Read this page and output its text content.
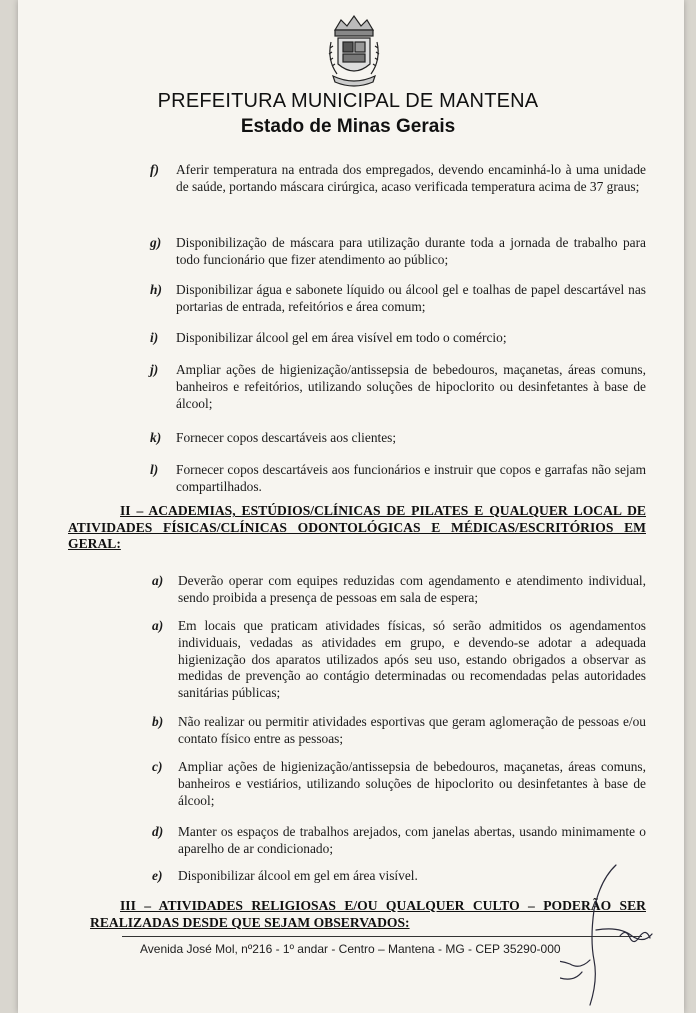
PREFEITURA MUNICIPAL DE MANTENA
Estado de Minas Gerais
f) Aferir temperatura na entrada dos empregados, devendo encaminhá-lo à uma unidade de saúde, portando máscara cirúrgica, acaso verificada temperatura acima de 37 graus;
g) Disponibilização de máscara para utilização durante toda a jornada de trabalho para todo funcionário que fizer atendimento ao público;
h) Disponibilizar água e sabonete líquido ou álcool gel e toalhas de papel descartável nas portarias de entrada, refeitórios e área comum;
i) Disponibilizar álcool gel em área visível em todo o comércio;
j) Ampliar ações de higienização/antissepsia de bebedouros, maçanetas, áreas comuns, banheiros e refeitórios, utilizando soluções de hipoclorito ou desinfetantes à base de álcool;
k) Fornecer copos descartáveis aos clientes;
l) Fornecer copos descartáveis aos funcionários e instruir que copos e garrafas não sejam compartilhados.
II – ACADEMIAS, ESTÚDIOS/CLÍNICAS DE PILATES E QUALQUER LOCAL DE ATIVIDADES FÍSICAS/CLÍNICAS ODONTOLÓGICAS E MÉDICAS/ESCRITÓRIOS EM GERAL:
a) Deverão operar com equipes reduzidas com agendamento e atendimento individual, sendo proibida a presença de pessoas em sala de espera;
a) Em locais que praticam atividades físicas, só serão admitidos os agendamentos individuais, vedadas as atividades em grupo, e devendo-se adotar a adequada higienização dos aparatos utilizados após seu uso, estando obrigados a observar as medidas de prevenção ao contágio determinadas ou recomendadas pelas autoridades sanitárias públicas;
b) Não realizar ou permitir atividades esportivas que geram aglomeração de pessoas e/ou contato físico entre as pessoas;
c) Ampliar ações de higienização/antissepsia de bebedouros, maçanetas, áreas comuns, banheiros e vestiários, utilizando soluções de hipoclorito ou desinfetantes à base de álcool;
d) Manter os espaços de trabalhos arejados, com janelas abertas, usando minimamente o aparelho de ar condicionado;
e) Disponibilizar álcool em gel em área visível.
III – ATIVIDADES RELIGIOSAS E/OU QUALQUER CULTO – PODERÃO SER REALIZADAS DESDE QUE SEJAM OBSERVADOS:
Avenida José Mol, nº216 - 1º andar - Centro – Mantena - MG - CEP 35290-000
